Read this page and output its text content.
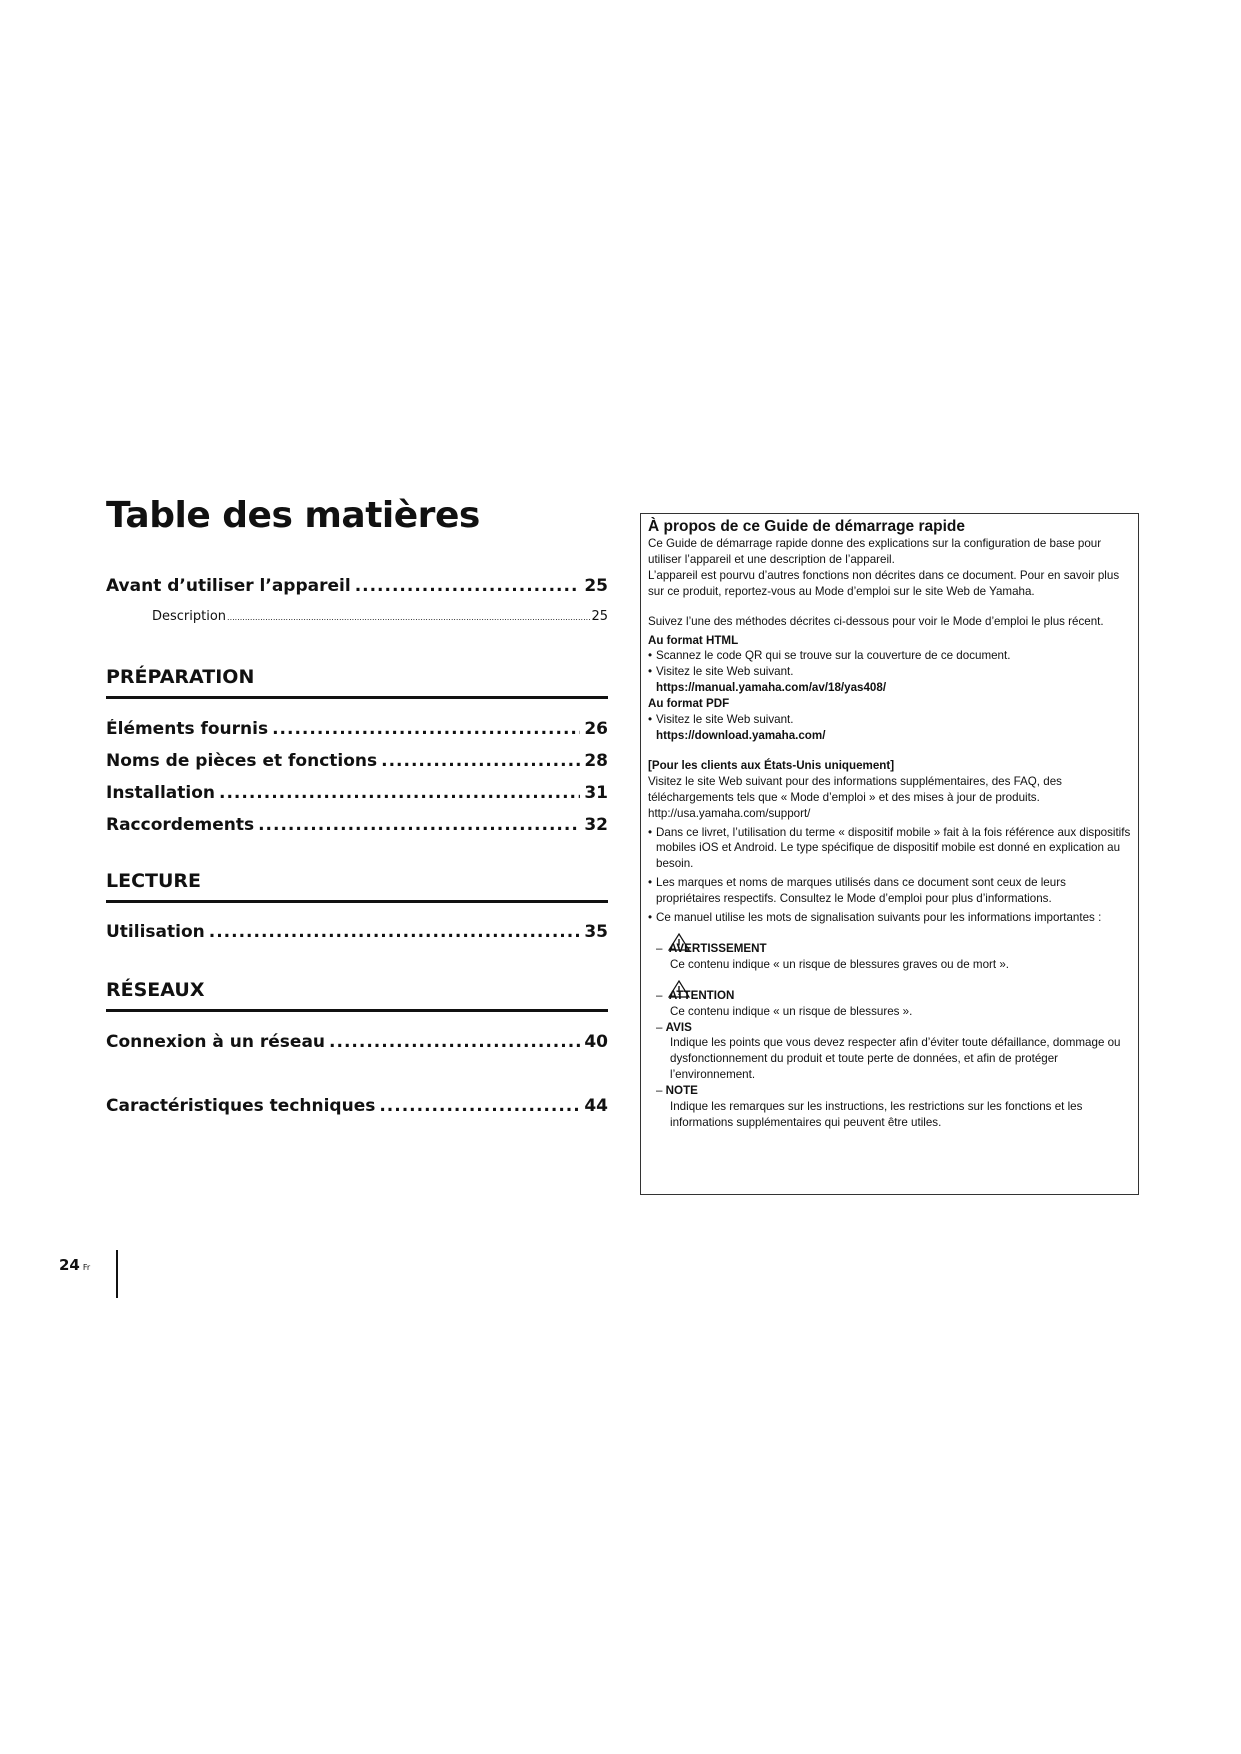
Table des matières
Avant d’utiliser l’appareil .....	25
Description .....	25
PRÉPARATION
Éléments fournis .....	26
Noms de pièces et fonctions .....	28
Installation .....	31
Raccordements .....	32
LECTURE
Utilisation .....	35
RÉSEAUX
Connexion à un réseau .....	40
Caractéristiques techniques .....	44
À propos de ce Guide de démarrage rapide

Ce Guide de démarrage rapide donne des explications sur la configuration de base pour utiliser l’appareil et une description de l’appareil.

L’appareil est pourvu d’autres fonctions non décrites dans ce document. Pour en savoir plus sur ce produit, reportez-vous au Mode d’emploi sur le site Web de Yamaha.

Suivez l’une des méthodes décrites ci-dessous pour voir le Mode d’emploi le plus récent.

Au format HTML

• Scannez le code QR qui se trouve sur la couverture de ce document.

• Visitez le site Web suivant.

https://manual.yamaha.com/av/18/yas408/

Au format PDF

• Visitez le site Web suivant.

https://download.yamaha.com/

[Pour les clients aux États-Unis uniquement]

Visitez le site Web suivant pour des informations supplémentaires, des FAQ, des téléchargements tels que « Mode d’emploi » et des mises à jour de produits.

http://usa.yamaha.com/support/

• Dans ce livret, l’utilisation du terme « dispositif mobile » fait à la fois référence aux dispositifs mobiles iOS et Android. Le type spécifique de dispositif mobile est donné en explication au besoin.

• Les marques et noms de marques utilisés dans ce document sont ceux de leurs propriétaires respectifs. Consultez le Mode d’emploi pour plus d’informations.

• Ce manuel utilise les mots de signalisation suivants pour les informations importantes :

–  AVERTISSEMENT

Ce contenu indique « un risque de blessures graves ou de mort ».

–  ATTENTION

Ce contenu indique « un risque de blessures ».

– AVIS

Indique les points que vous devez respecter afin d’éviter toute défaillance, dommage ou dysfonctionnement du produit et toute perte de données, et afin de protéger l’environnement.

– NOTE

Indique les remarques sur les instructions, les restrictions sur les fonctions et les informations supplémentaires qui peuvent être utiles.

24 Fr
